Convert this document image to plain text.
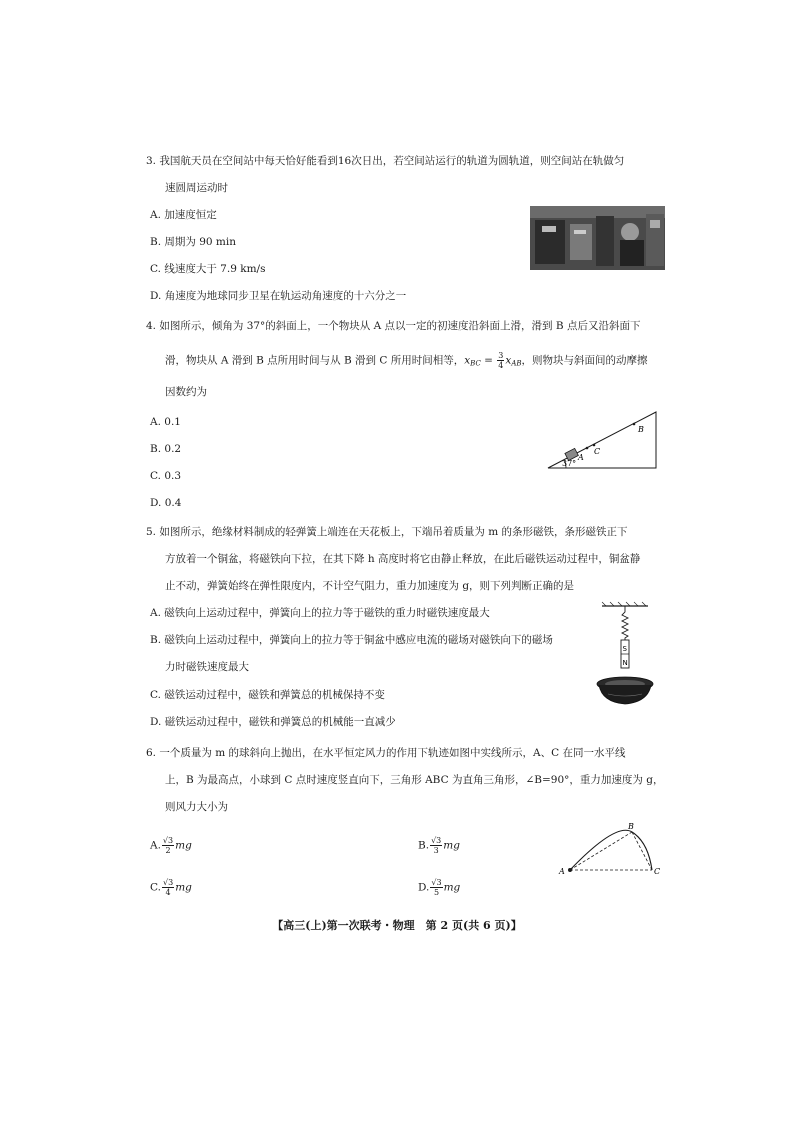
3. 我国航天员在空间站中每天恰好能看到16次日出，若空间站运行的轨道为圆轨道，则空间站在轨做匀
速圆周运动时
A. 加速度恒定
B. 周期为 90 min
C. 线速度大于 7.9 km/s
D. 角速度为地球同步卫星在轨运动角速度的十六分之一
4. 如图所示，倾角为 37°的斜面上，一个物块从 A 点以一定的初速度沿斜面上滑，滑到 B 点后又沿斜面下
滑，物块从 A 滑到 B 点所用时间与从 B 滑到 C 所用时间相等，$x_{BC} = \frac{3}{4} x_{AB}$，则物块与斜面间的动摩擦
因数约为
A. 0.1
B. 0.2
C. 0.3
D. 0.4
37°
A
C
B
5. 如图所示，绝缘材料制成的轻弹簧上端连在天花板上，下端吊着质量为 m 的条形磁铁，条形磁铁正下
方放着一个铜盆，将磁铁向下拉，在其下降 h 高度时将它由静止释放，在此后磁铁运动过程中，铜盆静
止不动，弹簧始终在弹性限度内，不计空气阻力，重力加速度为 g，则下列判断正确的是
A. 磁铁向上运动过程中，弹簧向上的拉力等于磁铁的重力时磁铁速度最大
B. 磁铁向上运动过程中，弹簧向上的拉力等于铜盆中感应电流的磁场对磁铁向下的磁场
力时磁铁速度最大
C. 磁铁运动过程中，磁铁和弹簧总的机械保持不变
D. 磁铁运动过程中，磁铁和弹簧总的机械能一直减少
S
N
6. 一个质量为 m 的球斜向上抛出，在水平恒定风力的作用下轨迹如图中实线所示，A、C 在同一水平线
上，B 为最高点，小球到 C 点时速度竖直向下，三角形 ABC 为直角三角形，∠B=90°，重力加速度为 g，
则风力大小为
A. $\frac{√3}{2}$ mg	B. $\frac{√3}{3}$ mg
C. $\frac{√3}{4}$ mg	D. $\frac{√3}{5}$ mg
A
B
C
【高三(上)第一次联考・物理　第 2 页(共 6 页)】
